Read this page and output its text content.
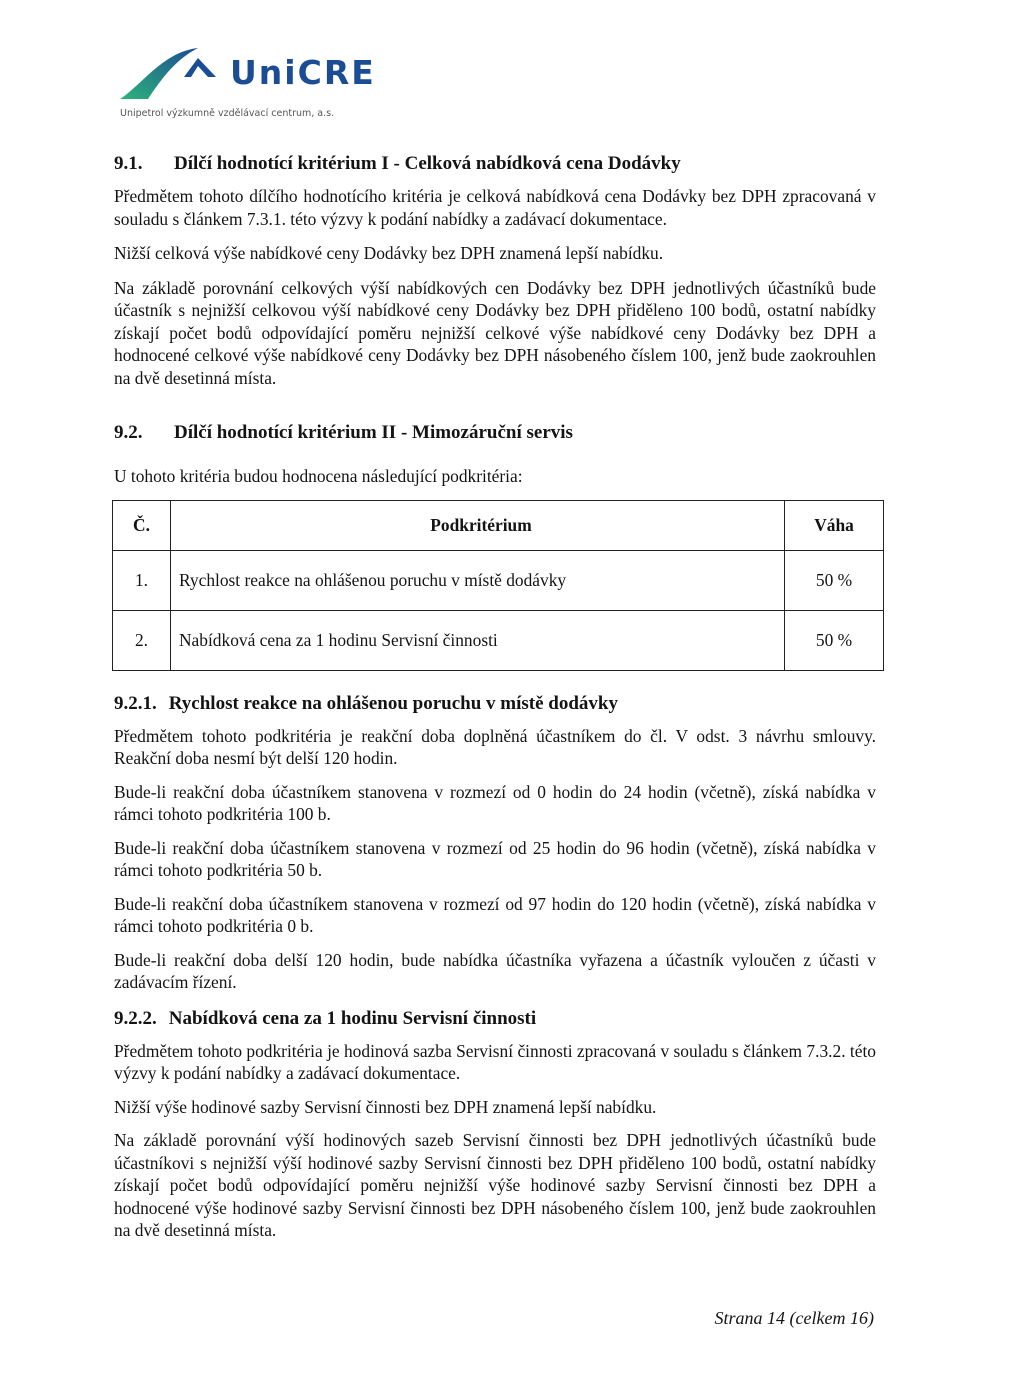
UniCRE
Unipetrol výzkumně vzdělávací centrum, a.s.
9.1.	Dílčí hodnotící kritérium I - Celková nabídková cena Dodávky

Předmětem tohoto dílčího hodnotícího kritéria je celková nabídková cena Dodávky bez DPH zpracovaná v souladu s článkem 7.3.1. této výzvy k podání nabídky a zadávací dokumentace.

Nižší celková výše nabídkové ceny Dodávky bez DPH znamená lepší nabídku.

Na základě porovnání celkových výší nabídkových cen Dodávky bez DPH jednotlivých účastníků bude účastník s nejnižší celkovou výší nabídkové ceny Dodávky bez DPH přiděleno 100 bodů, ostatní nabídky získají počet bodů odpovídající poměru nejnižší celkové výše nabídkové ceny Dodávky bez DPH a hodnocené celkové výše nabídkové ceny Dodávky bez DPH násobeného číslem 100, jenž bude zaokrouhlen na dvě desetinná místa.

9.2.	Dílčí hodnotící kritérium II - Mimozáruční servis

U tohoto kritéria budou hodnocena následující podkritéria:

Č.	Podkritérium	Váha
1.	Rychlost reakce na ohlášenou poruchu v místě dodávky	50 %
2.	Nabídková cena za 1 hodinu Servisní činnosti	50 %
9.2.1. Rychlost reakce na ohlášenou poruchu v místě dodávky

Předmětem tohoto podkritéria je reakční doba doplněná účastníkem do čl. V odst. 3 návrhu smlouvy. Reakční doba nesmí být delší 120 hodin.

Bude-li reakční doba účastníkem stanovena v rozmezí od 0 hodin do 24 hodin (včetně), získá nabídka v rámci tohoto podkritéria 100 b.

Bude-li reakční doba účastníkem stanovena v rozmezí od 25 hodin do 96 hodin (včetně), získá nabídka v rámci tohoto podkritéria 50 b.

Bude-li reakční doba účastníkem stanovena v rozmezí od 97 hodin do 120 hodin (včetně), získá nabídka v rámci tohoto podkritéria 0 b.

Bude-li reakční doba delší 120 hodin, bude nabídka účastníka vyřazena a účastník vyloučen z účasti v zadávacím řízení.

9.2.2. Nabídková cena za 1 hodinu Servisní činnosti

Předmětem tohoto podkritéria je hodinová sazba Servisní činnosti zpracovaná v souladu s článkem 7.3.2. této výzvy k podání nabídky a zadávací dokumentace.

Nižší výše hodinové sazby Servisní činnosti bez DPH znamená lepší nabídku.

Na základě porovnání výší hodinových sazeb Servisní činnosti bez DPH jednotlivých účastníků bude účastníkovi s nejnižší výší hodinové sazby Servisní činnosti bez DPH přiděleno 100 bodů, ostatní nabídky získají počet bodů odpovídající poměru nejnižší výše hodinové sazby Servisní činnosti bez DPH a hodnocené výše hodinové sazby Servisní činnosti bez DPH násobeného číslem 100, jenž bude zaokrouhlen na dvě desetinná místa.

Strana 14 (celkem 16)
